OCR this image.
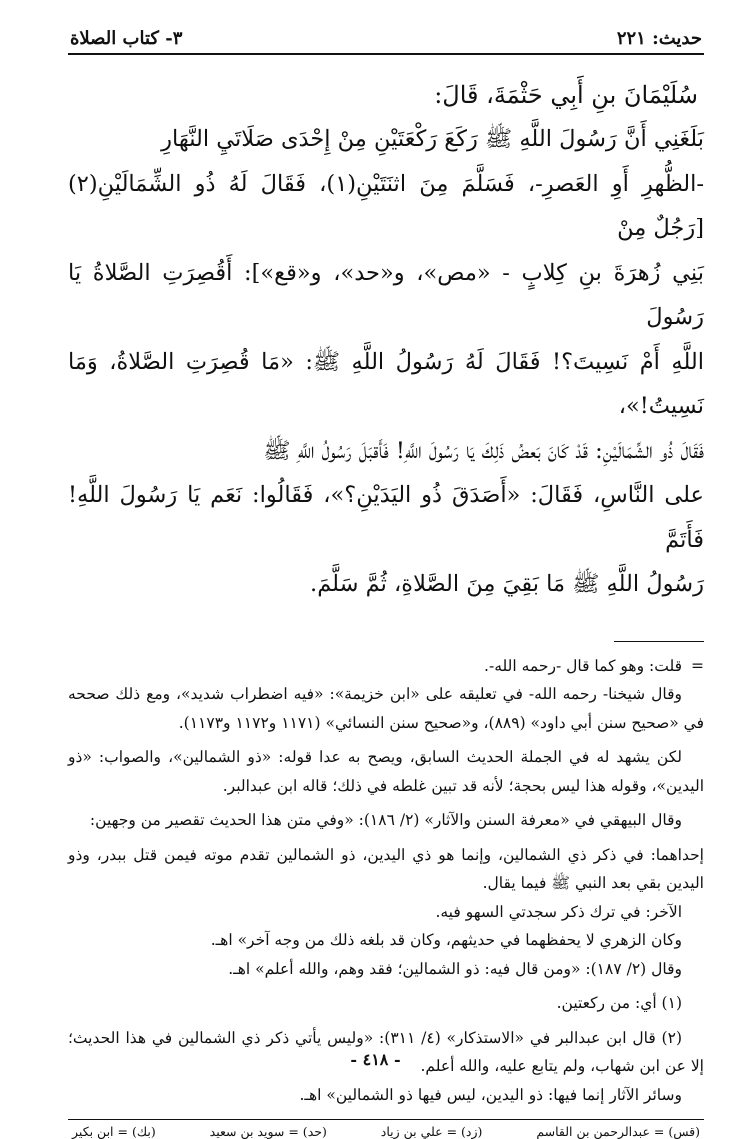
حديث: ٢٢١
٣- كتاب الصلاة
سُلَيْمَانَ بنِ أَبِي حَثْمَةَ، قَالَ:
بَلَغَنِي أَنَّ رَسُولَ اللَّهِ ﷺ رَكَعَ رَكْعَتَيْنِ مِنْ إِحْدَى صَلَاتَيِ النَّهَارِ
-الظُّهرِ أَوِ العَصرِ-، فَسَلَّمَ مِنَ اثنَتَيْنِ(١)، فَقَالَ لَهُ ذُو الشِّمَالَيْنِ(٢) [رَجُلٌ مِنْ
بَنِي زُهرَةَ بنِ كِلابٍ - «مص»، و«حد»، و«قع»]: أَقُصِرَتِ الصَّلاةُ يَا رَسُولَ
اللَّهِ أَمْ نَسِيتَ؟! فَقَالَ لَهُ رَسُولُ اللَّهِ ﷺ: «مَا قُصِرَتِ الصَّلاةُ، وَمَا نَسِيتُ!»،
فَقَالَ ذُو الشِّمَالَيْنِ: قَدْ كَانَ بَعضُ ذَلِكَ يَا رَسُولَ اللَّهِ! فَأَقبَلَ رَسُولُ اللَّهِ ﷺ
على النَّاسِ، فَقَالَ: «أَصَدَقَ ذُو اليَدَيْنِ؟»، فَقَالُوا: نَعَم يَا رَسُولَ اللَّهِ! فَأَتَمَّ
رَسُولُ اللَّهِ ﷺ مَا بَقِيَ مِنَ الصَّلاةِ، ثُمَّ سَلَّمَ.

=قلت: وهو كما قال -رحمه الله-.

وقال شيخنا- رحمه الله- في تعليقه على «ابن خزيمة»: «فيه اضطراب شديد»، ومع ذلك صححه في «صحيح سنن أبي داود» (٨٨٩)، و«صحيح سنن النسائي» (١١٧١ و١١٧٢ و١١٧٣).

لكن يشهد له في الجملة الحديث السابق، ويصح به عدا قوله: «ذو الشمالين»، والصواب: «ذو اليدين»، وقوله هذا ليس بحجة؛ لأنه قد تبين غلطه في ذلك؛ قاله ابن عبدالبر.

وقال البيهقي في «معرفة السنن والآثار» (٢/ ١٨٦): «وفي متن هذا الحديث تقصير من وجهين:

إحداهما: في ذكر ذي الشمالين، وإنما هو ذي اليدين، ذو الشمالين تقدم موته فيمن قتل ببدر، وذو اليدين بقي بعد النبي ﷺ فيما يقال.

الآخر: في ترك ذكر سجدتي السهو فيه.

وكان الزهري لا يحفظهما في حديثهم، وكان قد بلغه ذلك من وجه آخر» اهـ.

وقال (٢/ ١٨٧): «ومن قال فيه: ذو الشمالين؛ فقد وهم، والله أعلم» اهـ.

(١) أي: من ركعتين.

(٢) قال ابن عبدالبر في «الاستذكار» (٤/ ٣١١): «وليس يأتي ذكر ذي الشمالين في هذا الحديث؛ إلا عن ابن شهاب، ولم يتابع عليه، والله أعلم.

وسائر الآثار إنما فيها: ذو اليدين، ليس فيها ذو الشمالين» اهـ.

(قس) = عبدالرحمن بن القاسم
(زد) = علي بن زياد
(حد) = سويد بن سعيد
(بك) = ابن بكير
- ٤١٨ -
